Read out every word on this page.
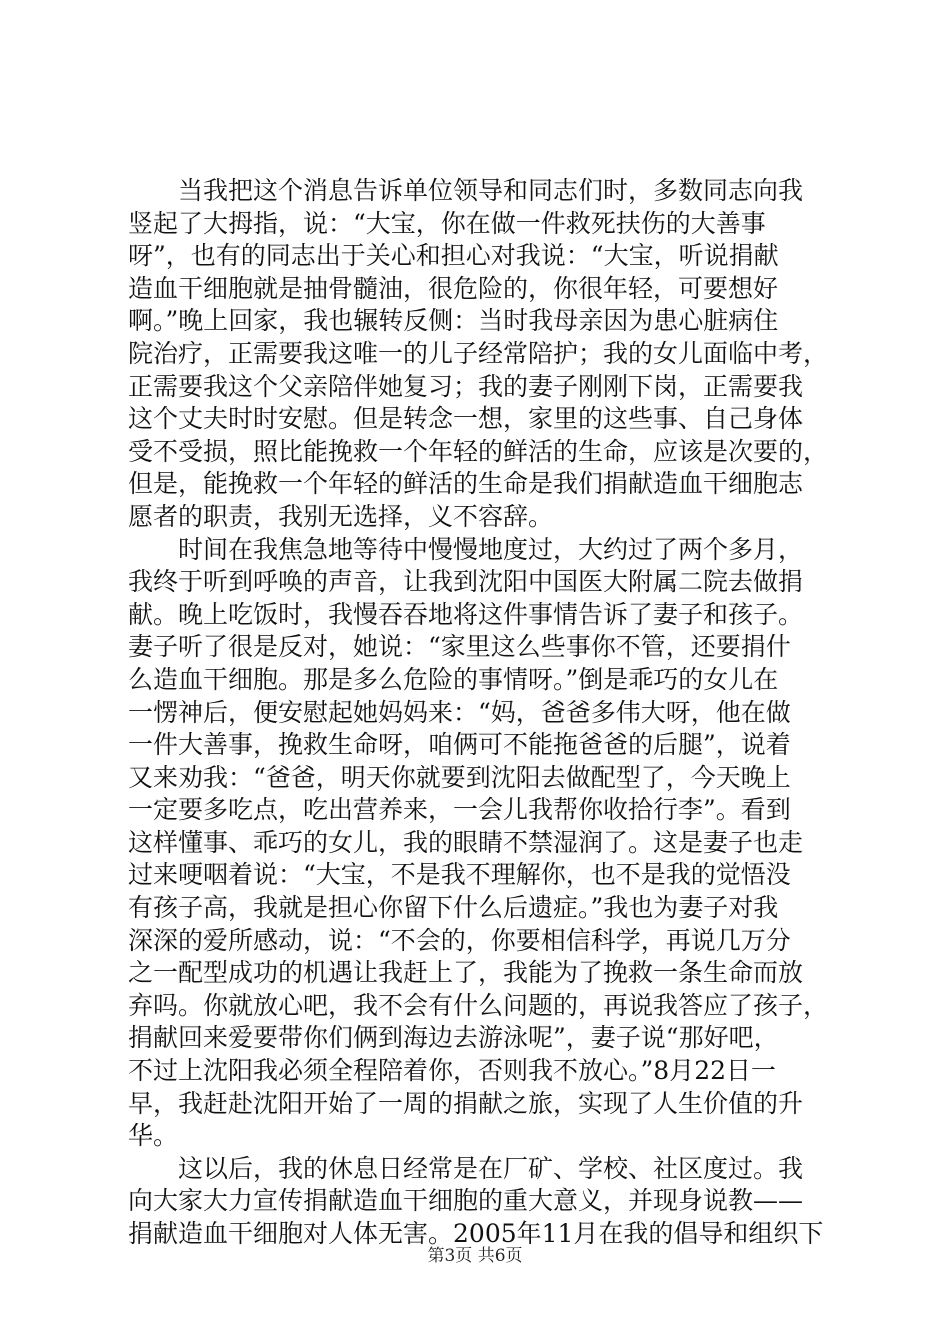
　　当我把这个消息告诉单位领导和同志们时，多数同志向我
竖起了大拇指，说：“大宝，你在做一件救死扶伤的大善事
呀”，也有的同志出于关心和担心对我说：“大宝，听说捐献
造血干细胞就是抽骨髓油，很危险的，你很年轻，可要想好
啊。”晚上回家，我也辗转反侧：当时我母亲因为患心脏病住
院治疗，正需要我这唯一的儿子经常陪护；我的女儿面临中考，
正需要我这个父亲陪伴她复习；我的妻子刚刚下岗，正需要我
这个丈夫时时安慰。但是转念一想，家里的这些事、自己身体
受不受损，照比能挽救一个年轻的鲜活的生命，应该是次要的，
但是，能挽救一个年轻的鲜活的生命是我们捐献造血干细胞志
愿者的职责，我别无选择，义不容辞。
　　时间在我焦急地等待中慢慢地度过，大约过了两个多月，
我终于听到呼唤的声音，让我到沈阳中国医大附属二院去做捐
献。晚上吃饭时，我慢吞吞地将这件事情告诉了妻子和孩子。
妻子听了很是反对，她说：“家里这么些事你不管，还要捐什
么造血干细胞。那是多么危险的事情呀。”倒是乖巧的女儿在
一愣神后，便安慰起她妈妈来：“妈，爸爸多伟大呀，他在做
一件大善事，挽救生命呀，咱俩可不能拖爸爸的后腿”，说着
又来劝我：“爸爸，明天你就要到沈阳去做配型了，今天晚上
一定要多吃点，吃出营养来，一会儿我帮你收拾行李”。看到
这样懂事、乖巧的女儿，我的眼睛不禁湿润了。这是妻子也走
过来哽咽着说：“大宝，不是我不理解你，也不是我的觉悟没
有孩子高，我就是担心你留下什么后遗症。”我也为妻子对我
深深的爱所感动，说：“不会的，你要相信科学，再说几万分
之一配型成功的机遇让我赶上了，我能为了挽救一条生命而放
弃吗。你就放心吧，我不会有什么问题的，再说我答应了孩子，
捐献回来爱要带你们俩到海边去游泳呢”，妻子说“那好吧，
不过上沈阳我必须全程陪着你，否则我不放心。”8月22日一
早，我赶赴沈阳开始了一周的捐献之旅，实现了人生价值的升
华。
　　这以后，我的休息日经常是在厂矿、学校、社区度过。我
向大家大力宣传捐献造血干细胞的重大意义，并现身说教——
捐献造血干细胞对人体无害。2005年11月在我的倡导和组织下
第3页 共6页
